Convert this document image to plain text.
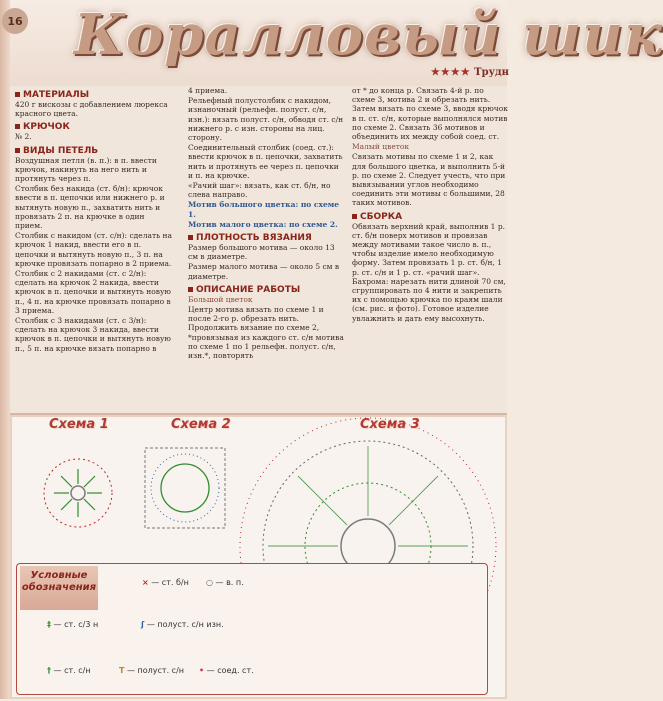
16 Коралловый шик
★★★★ Трудн
МАТЕРИАЛЫ

420 г вискозы с добавлением люрекса красного цвета.

КРЮЧОК

№ 2.

ВИДЫ ПЕТЕЛЬ

Воздушная петля (в. п.): в п. ввести крючок, накинуть на него нить и протянуть через п.

Столбик без накида (ст. б/н): крючок ввести в п. цепочки или нижнего р. и вытянуть новую п., захватить нить и провязать 2 п. на крючке в один прием.

Столбик с накидом (ст. с/н): сделать на крючок 1 накид, ввести его в п. цепочки и вытянуть новую п., 3 п. на крючке провязать попарно в 2 приема.

Столбик с 2 накидами (ст. с 2/н): сделать на крючок 2 накида, ввести крючок в п. цепочки и вытянуть новую п., 4 п. на крючке провязать попарно в 3 приема.

Столбик с 3 накидами (ст. с 3/н): сделать на крючок 3 накида, ввести крючок в п. цепочки и вытянуть новую п., 5 п. на крючке вязать попарно в

4 приема.

Рельефный полустолбик с накидом, изнаночный (рельефн. полуст. с/н, изн.): вязать полуст. с/н, обводя ст. с/н нижнего р. с изн. стороны на лиц. сторону.

Соединительный столбик (соед. ст.): ввести крючок в п. цепочки, захватить нить и протянуть ее через п. цепочки и п. на крючке.

«Рачий шаг»: вязать, как ст. б/н, но слева направо.

Мотив большого цветка: по схеме 1.

Мотив малого цветка: по схеме 2.

ПЛОТНОСТЬ ВЯЗАНИЯ

Размер большого мотива — около 13 см в диаметре.

Размер малого мотива — около 5 см в диаметре.

ОПИСАНИЕ РАБОТЫ

Большой цветок

Центр мотива вязать по схеме 1 и после 2-го р. обрезать нить. Продолжить вязание по схеме 2, *провязывая из каждого ст. с/н мотива по схеме 1 по 1 рельефн. полуст. с/н, изн.*, повторять

от * до конца р. Связать 4-й р. по схеме 3, мотива 2 и обрезать нить. Затем вязать по схеме 3, вводя крючок в п. ст. с/н, которые выполнялся мотив по схеме 2. Связать 36 мотивов и объединить их между собой соед. ст.

Малый цветок

Связать мотивы по схеме 1 и 2, как для большого цветка, и выполнить 5-й р. по схеме 2. Следует учесть, что при вывязывании углов необходимо соединить эти мотивы с большими, 28 таких мотивов.

СБОРКА

Обвязать верхний край, выполнив 1 р. ст. б/н поверх мотивов и провязав между мотивами такое число в. п., чтобы изделие имело необходимую форму. Затем провязать 1 р. ст. б/н, 1 р. ст. с/н и 1 р. ст. «рачий шаг». Бахрома: нарезать нити длиной 70 см, сгруппировать по 4 нити и закрепить их с помощью крючка по краям шали (см. рис. и фото). Готовое изделие увлажнить и дать ему высохнуть.

Схема 1	Схема 2	Схема 3
Условные обозначения	× — ст. б/н ○ — в. п.
‡ — ст. с/3 н	ʃ — полуст. с/н изн.
† — ст. с/н	Т — полуст. с/н • — соед. ст.
